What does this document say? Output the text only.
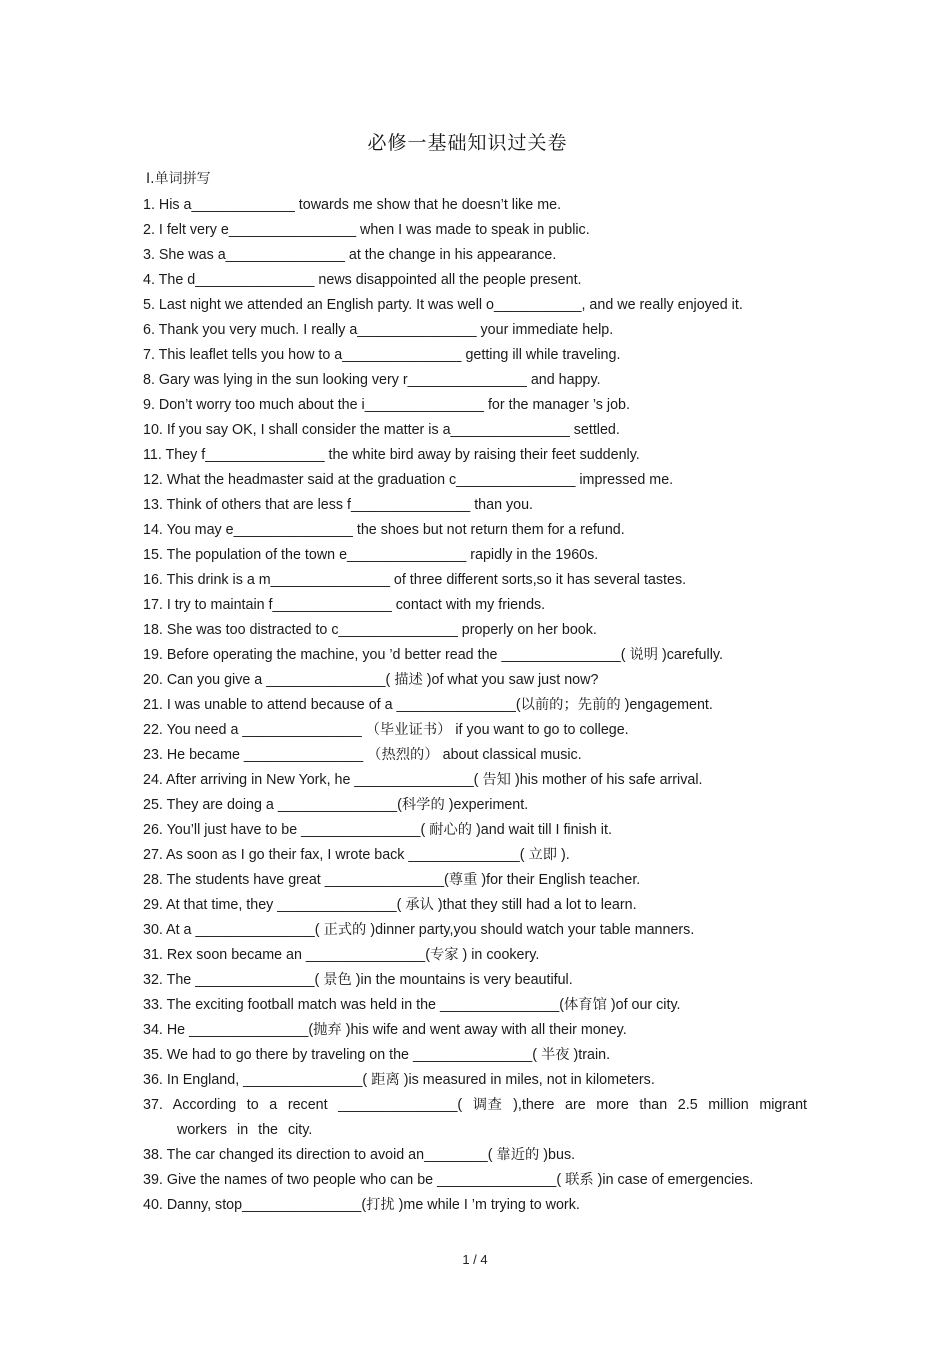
必修一基础知识过关卷
Ⅰ.单词拼写
1. His a_____________ towards me show that he doesn’t like me.
2. I felt very e________________ when I was made to speak in public.
3. She was a_______________ at the change in his appearance.
4. The d_______________ news disappointed all the people present.
5. Last night we attended an English party. It was well o___________, and we really enjoyed it.
6. Thank you very much. I really a_______________ your immediate help.
7. This leaflet tells you how to a_______________ getting ill while traveling.
8. Gary was lying in the sun looking very r_______________ and happy.
9. Don’t worry too much about the i_______________ for the manager ’s job.
10. If you say OK, I shall consider the matter is a_______________ settled.
11. They f_______________ the white bird away by raising their feet suddenly.
12. What the headmaster said at the graduation c_______________ impressed me.
13. Think of others that are less f_______________ than you.
14. You may e_______________ the shoes but not return them for a refund.
15. The population of the town e_______________ rapidly in the 1960s.
16. This drink is a m_______________ of three different sorts,so it has several tastes.
17. I try to maintain f_______________ contact with my friends.
18. She was too distracted to c_______________ properly on her book.
19. Before operating the machine, you ’d better read the _______________( 说明 )carefully.
20. Can you give a _______________( 描述 )of what you saw just now?
21. I was unable to attend because of a _______________(以前的；先前的 )engagement.
22. You need a _______________ （毕业证书） if you want to go to college.
23. He became _______________ （热烈的） about classical music.
24. After arriving in New York, he _______________( 告知 )his mother of his safe arrival.
25. They are doing a _______________(科学的 )experiment.
26. You’ll just have to be _______________( 耐心的 )and wait till I finish it.
27. As soon as I go their fax, I wrote back ______________( 立即 ).
28. The students have great _______________(尊重 )for their English teacher.
29. At that time, they _______________( 承认 )that they still had a lot to learn.
30. At a _______________( 正式的 )dinner party,you should watch your table manners.
31. Rex soon became an _______________(专家 ) in cookery.
32. The _______________( 景色 )in the mountains is very beautiful.
33. The exciting football match was held in the _______________(体育馆 )of our city.
34. He _______________(抛弃 )his wife and went away with all their money.
35. We had to go there by traveling on the _______________( 半夜 )train.
36. In England, _______________( 距离 )is measured in miles, not in kilometers.
37. According to a recent _______________( 调查 ),there are more than 2.5 million migrant workers in the city.
38. The car changed its direction to avoid an________( 靠近的 )bus.
39. Give the names of two people who can be _______________( 联系 )in case of emergencies.
40. Danny, stop_______________(打扰 )me while I ’m trying to work.
1 / 4
